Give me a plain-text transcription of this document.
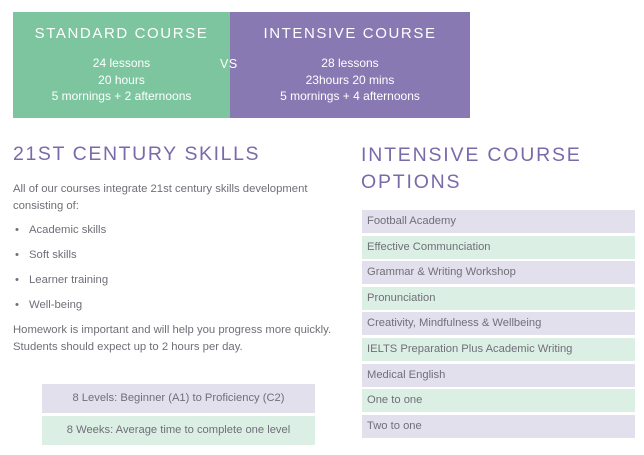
STANDARD COURSE
24 lessons
20 hours
5 mornings + 2 afternoons
INTENSIVE COURSE
28 lessons
23hours 20 mins
5 mornings + 4 afternoons
VS
21ST CENTURY SKILLS

All of our courses integrate 21st century skills development consisting of:

• Academic skills
• Soft skills
• Learner training
• Well-being

Homework is important and will help you progress more quickly. Students should expect up to 2 hours per day.

8 Levels: Beginner (A1) to Proficiency (C2)
8 Weeks: Average time to complete one level
INTENSIVE COURSE
OPTIONS
Football Academy
Effective Communciation
Grammar & Writing Workshop
Pronunciation
Creativity, Mindfulness & Wellbeing
IELTS Preparation Plus Academic Writing
Medical English
One to one
Two to one
